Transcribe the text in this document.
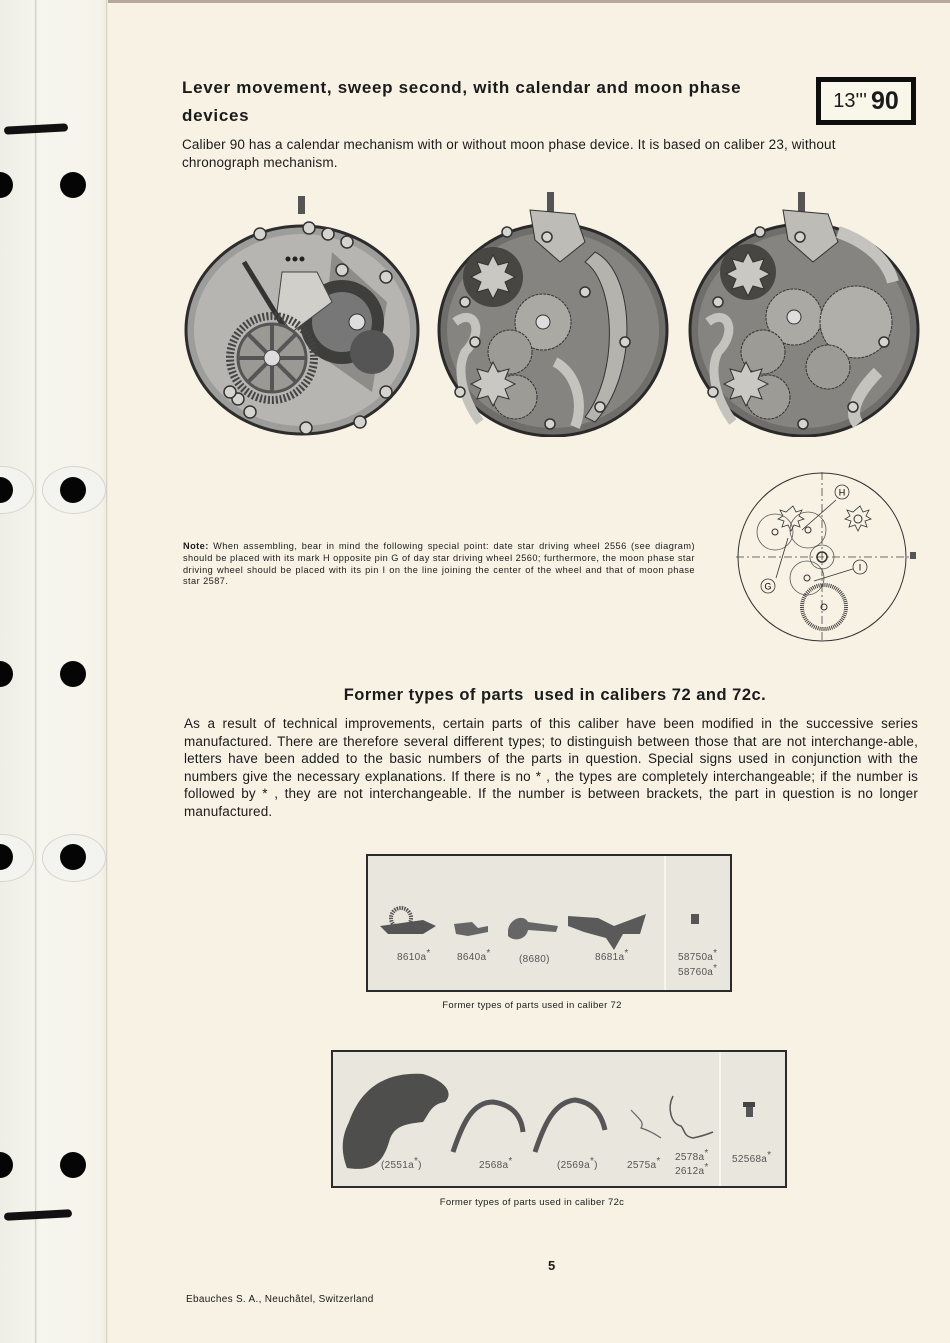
Lever movement, sweep second, with calendar and moon phase devices
13''' 90
Caliber 90 has a calendar mechanism with or without moon phase device. It is based on caliber 23, without chronograph mechanism.
Note: When assembling, bear in mind the following special point: date star driving wheel 2556 (see diagram) should be placed with its mark H opposite pin G of day star driving wheel 2560; furthermore, the moon phase star driving wheel should be placed with its pin I on the line joining the center of the wheel and that of moon phase star 2587.
H
G
I
Former types of parts  used in calibers 72 and 72c.
As a result of technical improvements, certain parts of this caliber have been modified in the successive series manufactured. There are therefore several different types; to distinguish between those that are not interchange-able, letters have been added to the basic numbers of the parts in question. Special signs used in conjunction with the numbers give the necessary explanations. If there is no * , the types are completely interchangeable; if the number is followed by * , they are not interchangeable. If the number is between brackets, the part in question is no longer manufactured.
8610a*	8640a*
(8680)	8681a*	58750a*
58760a*
Former types of parts used in caliber 72
(2551a*)	2568a*	(2569a*)	2575a* 2578a*
2612a*
52568a*
Former types of parts used in caliber 72c
5
Ebauches S. A., Neuchâtel, Switzerland
